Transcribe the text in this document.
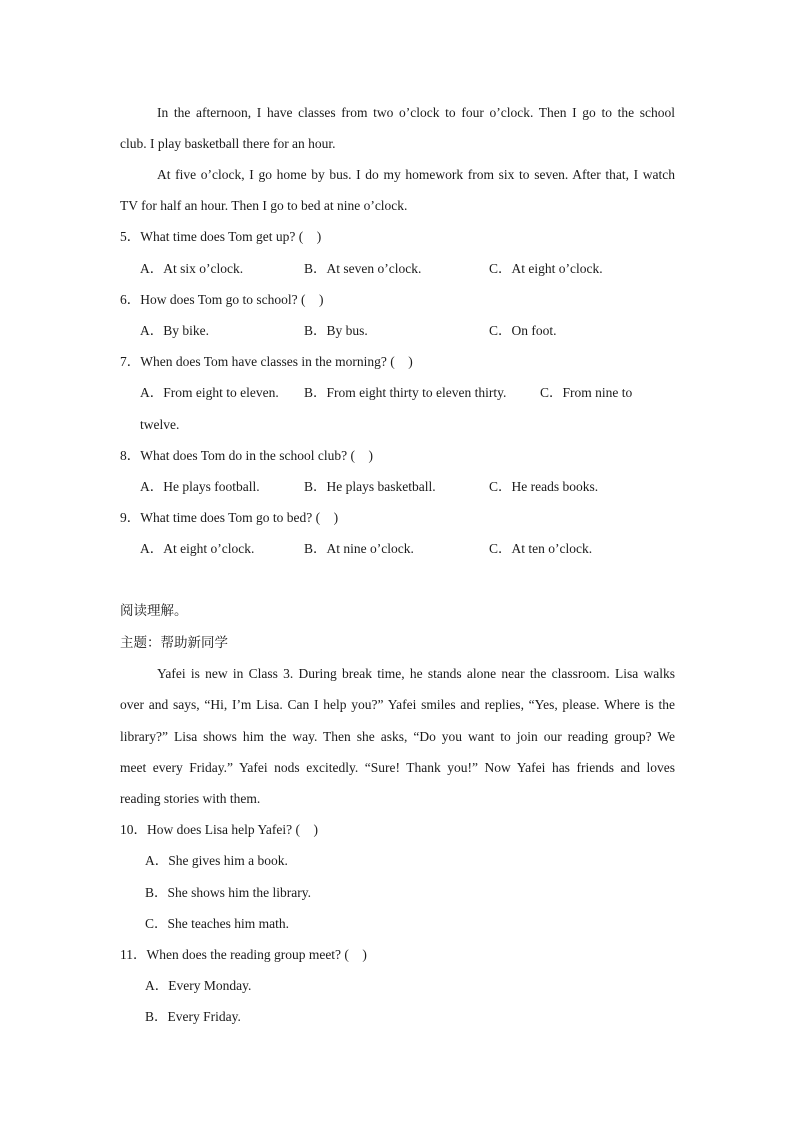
In the afternoon, I have classes from two o’clock to four o’clock. Then I go to the school
club. I play basketball there for an hour.
At five o’clock, I go home by bus. I do my homework from six to seven. After that, I watch
TV for half an hour. Then I go to bed at nine o’clock.
5．What time does Tom get up? (　)
A．At six o’clock.	B．At seven o’clock.	C．At eight o’clock.
6．How does Tom go to school? (　)
A．By bike.	B．By bus.	C．On foot.
7．When does Tom have classes in the morning? (　)
A．From eight to eleven. B．From eight thirty to eleven thirty. C．From nine to
twelve.
8．What does Tom do in the school club? (　)
A．He plays football.	B．He plays basketball.	C．He reads books.
9．What time does Tom go to bed? (　)
A．At eight o’clock.	B．At nine o’clock.	C．At ten o’clock.
阅读理解。
主题：帮助新同学
Yafei is new in Class 3. During break time, he stands alone near the classroom. Lisa walks
over and says, “Hi, I’m Lisa. Can I help you?” Yafei smiles and replies, “Yes, please. Where is the
library?” Lisa shows him the way. Then she asks, “Do you want to join our reading group? We
meet every Friday.” Yafei nods excitedly. “Sure! Thank you!” Now Yafei has friends and loves
reading stories with them.
10．How does Lisa help Yafei? (　)
A．She gives him a book.
B．She shows him the library.
C．She teaches him math.
11．When does the reading group meet? (　)
A．Every Monday.
B．Every Friday.
